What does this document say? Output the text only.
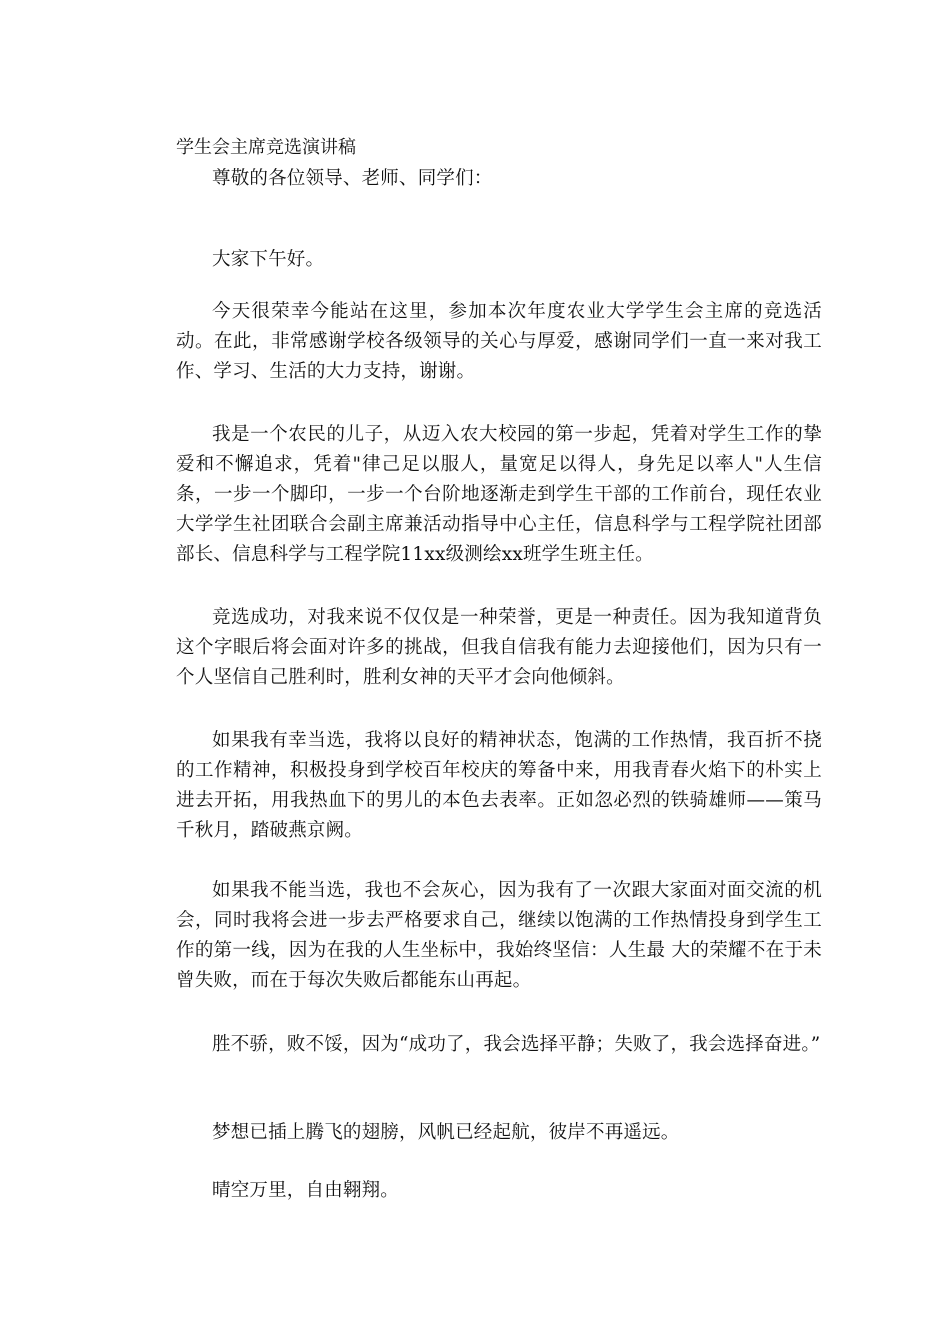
学生会主席竞选演讲稿

尊敬的各位领导、老师、同学们：

大家下午好。

今天很荣幸今能站在这里，参加本次年度农业大学学生会主席的竞选活动。在此，非常感谢学校各级领导的关心与厚爱，感谢同学们一直一来对我工作、学习、生活的大力支持，谢谢。

我是一个农民的儿子，从迈入农大校园的第一步起，凭着对学生工作的挚爱和不懈追求，凭着"律己足以服人，量宽足以得人，身先足以率人"人生信条，一步一个脚印，一步一个台阶地逐渐走到学生干部的工作前台，现任农业大学学生社团联合会副主席兼活动指导中心主任，信息科学与工程学院社团部部长、信息科学与工程学院11xx级测绘xx班学生班主任。

竞选成功，对我来说不仅仅是一种荣誉，更是一种责任。因为我知道背负这个字眼后将会面对许多的挑战，但我自信我有能力去迎接他们，因为只有一个人坚信自己胜利时，胜利女神的天平才会向他倾斜。

如果我有幸当选，我将以良好的精神状态，饱满的工作热情，我百折不挠的工作精神，积极投身到学校百年校庆的筹备中来，用我青春火焰下的朴实上进去开拓，用我热血下的男儿的本色去表率。正如忽必烈的铁骑雄师——策马千秋月，踏破燕京阙。

如果我不能当选，我也不会灰心，因为我有了一次跟大家面对面交流的机会，同时我将会进一步去严格要求自己，继续以饱满的工作热情投身到学生工作的第一线，因为在我的人生坐标中，我始终坚信：人生最 大的荣耀不在于未曾失败，而在于每次失败后都能东山再起。

胜不骄，败不馁，因为“成功了，我会选择平静；失败了，我会选择奋进。”

梦想已插上腾飞的翅膀，风帆已经起航，彼岸不再遥远。

晴空万里，自由翱翔。
